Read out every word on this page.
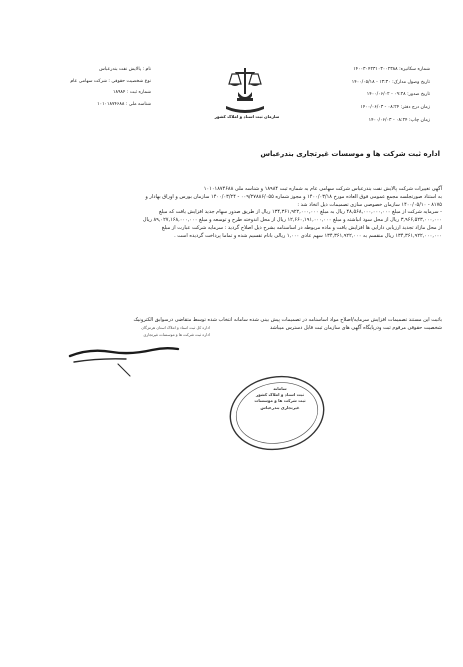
شماره سکانیزه: ۱۴۰۰۳۰۴۲۳۱۰۳۰۰۲۳۸۸
تاریخ وصول مدارک: ۱۳:۳۰ - ۱۴۰۰/۰۵/۱۸
تاریخ صدور: ۰۹:۲۸ - ۱۴۰۰/۰۶/۰۲
زمان درج دفتر: ۰۸:۲۴ - ۱۴۰۰/۰۶/۰۳
زمان چاپ: ۰۸:۲۴ - ۱۴۰۰/۰۶/۰۳
نام : پالایش نفت بندرعباس
نوع شخصیت حقوقی : شرکت سهامی عام
شماره ثبت : ۱۸۹۸۴
شناسه ملی : ۱۰۱۰۱۸۷۴۶۸۸
سازمان ثبت اسناد و املاک کشور
اداره ثبت شرکت ها و موسسات غیرتجاری بندرعباس

آگهی تغییرات شرکت پالایش نفت بندرعباس شرکت سهامی عام به شماره ثبت ۱۸۹۸۴ و شناسه ملی ۱۰۱۰۱۸۷۴۶۸۸

به استناد صورتجلسه مجمع عمومی فوق العاده مورخ ۱۴۰۰/۰۳/۱۸ و مجوز شماره ۰۰۹/۲۷۸۸۶/۰۵۵ - ۱۴۰۰/۰۳/۲۴ سازمان بورس و اوراق بهادار و

۸۱۷۵ - ۱۴۰۰/۰۵/۱۰ سازمان خصوصی سازی تصمیمات ذیل اتخاذ شد :

- سرمایه شرکت از مبلغ ۴۸,۵۶۸,۰۰۰,۰۰۰,۰۰۰ ریال به مبلغ ۱۳۴,۳۶۱,۹۲۲,۰۰۰,۰۰۰ ریال از طریق صدور سهام جدید افزایش یافت که مبلغ

۳,۹۶۶,۵۲۳,۰۰۰,۰۰۰ ریال از محل سود انباشته و مبلغ ۱۲,۶۶۰,۱۹۱,۰۰۰,۰۰۰ ریال از محل اندوخته طرح و توسعه و مبلغ ۸۹,۰۲۷,۱۶۸,۰۰۰,۰۰۰ ریال

از محل مازاد تجدید ارزیابی دارایی ها افزایش یافت و ماده مربوطه در اساسنامه بشرح ذیل اصلاح گردید : سرمایه شرکت عبارت از مبلغ

۱۳۴,۳۶۱,۹۲۲,۰۰۰,۰۰۰ ریال منقسم به ۱۳۴,۳۶۱,۹۲۲,۰۰۰ سهم عادی ۱,۰۰۰ ریالی بانام تقسیم شده و تماما پرداخت گردیده است .

باثبت این مستند تصمیمات افزایش سرمایه/اصلاح مواد اساسنامه در تصمیمات پیش بینی شده سامانه انتخاب شده توسط متقاضی درسوابق الکترونیک

شخصیت حقوقی مرقوم ثبت ودرپایگاه آگهی های سازمان ثبت قابل دسترس میباشد

اداره کل ثبت اسناد و املاک استان هرمزگان
اداره ثبت شرکت ها و موسسات غیرتجاری
سامانه
ثبت اسناد و املاک کشور
ثبت شرکت ها و موسسات
غیرتجاری بندرعباس
